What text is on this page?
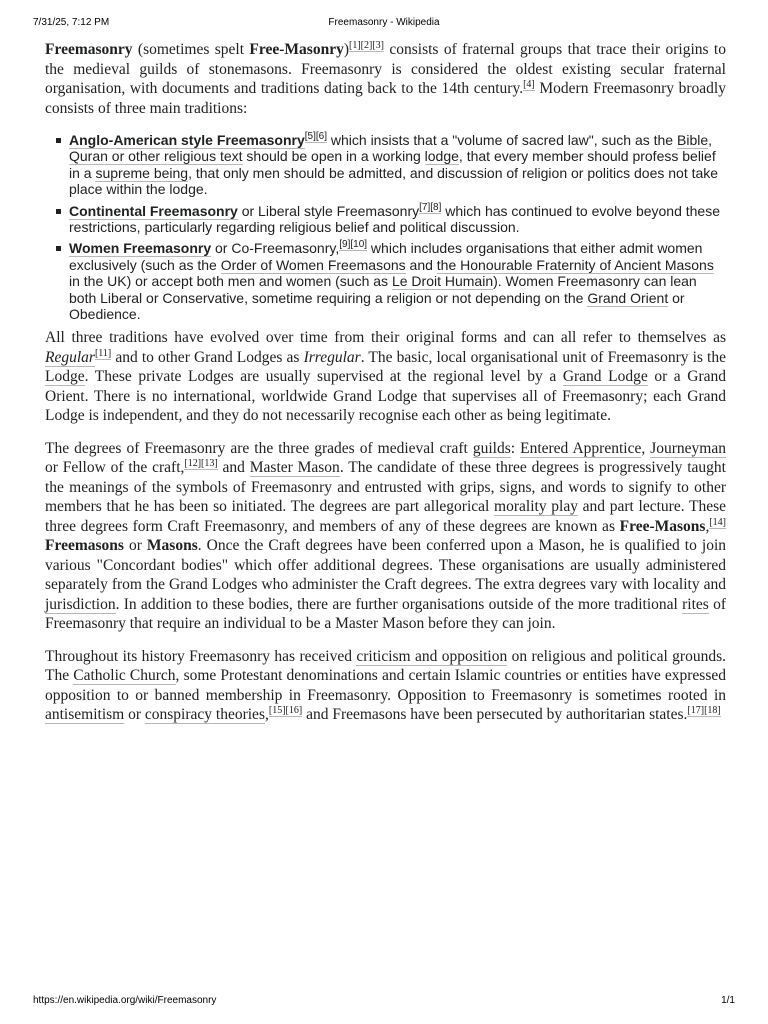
7/31/25, 7:12 PM	Freemasonry - Wikipedia

Freemasonry (sometimes spelt Free-Masonry)[1][2][3] consists of fraternal groups that trace their origins to the medieval guilds of stonemasons. Freemasonry is considered the oldest existing secular fraternal organisation, with documents and traditions dating back to the 14th century.[4] Modern Freemasonry broadly consists of three main traditions:

Anglo-American style Freemasonry[5][6] which insists that a "volume of sacred law", such as the Bible, Quran or other religious text should be open in a working lodge, that every member should profess belief in a supreme being, that only men should be admitted, and discussion of religion or politics does not take place within the lodge.
Continental Freemasonry or Liberal style Freemasonry[7][8] which has continued to evolve beyond these restrictions, particularly regarding religious belief and political discussion.
Women Freemasonry or Co-Freemasonry,[9][10] which includes organisations that either admit women exclusively (such as the Order of Women Freemasons and the Honourable Fraternity of Ancient Masons in the UK) or accept both men and women (such as Le Droit Humain). Women Freemasonry can lean both Liberal or Conservative, sometime requiring a religion or not depending on the Grand Orient or Obedience.

All three traditions have evolved over time from their original forms and can all refer to themselves as Regular[11] and to other Grand Lodges as Irregular. The basic, local organisational unit of Freemasonry is the Lodge. These private Lodges are usually supervised at the regional level by a Grand Lodge or a Grand Orient. There is no international, worldwide Grand Lodge that supervises all of Freemasonry; each Grand Lodge is independent, and they do not necessarily recognise each other as being legitimate.

The degrees of Freemasonry are the three grades of medieval craft guilds: Entered Apprentice, Journeyman or Fellow of the craft,[12][13] and Master Mason. The candidate of these three degrees is progressively taught the meanings of the symbols of Freemasonry and entrusted with grips, signs, and words to signify to other members that he has been so initiated. The degrees are part allegorical morality play and part lecture. These three degrees form Craft Freemasonry, and members of any of these degrees are known as Free-Masons,[14] Freemasons or Masons. Once the Craft degrees have been conferred upon a Mason, he is qualified to join various "Concordant bodies" which offer additional degrees. These organisations are usually administered separately from the Grand Lodges who administer the Craft degrees. The extra degrees vary with locality and jurisdiction. In addition to these bodies, there are further organisations outside of the more traditional rites of Freemasonry that require an individual to be a Master Mason before they can join.

Throughout its history Freemasonry has received criticism and opposition on religious and political grounds. The Catholic Church, some Protestant denominations and certain Islamic countries or entities have expressed opposition to or banned membership in Freemasonry. Opposition to Freemasonry is sometimes rooted in antisemitism or conspiracy theories,[15][16] and Freemasons have been persecuted by authoritarian states.[17][18]

https://en.wikipedia.org/wiki/Freemasonry	1/1
